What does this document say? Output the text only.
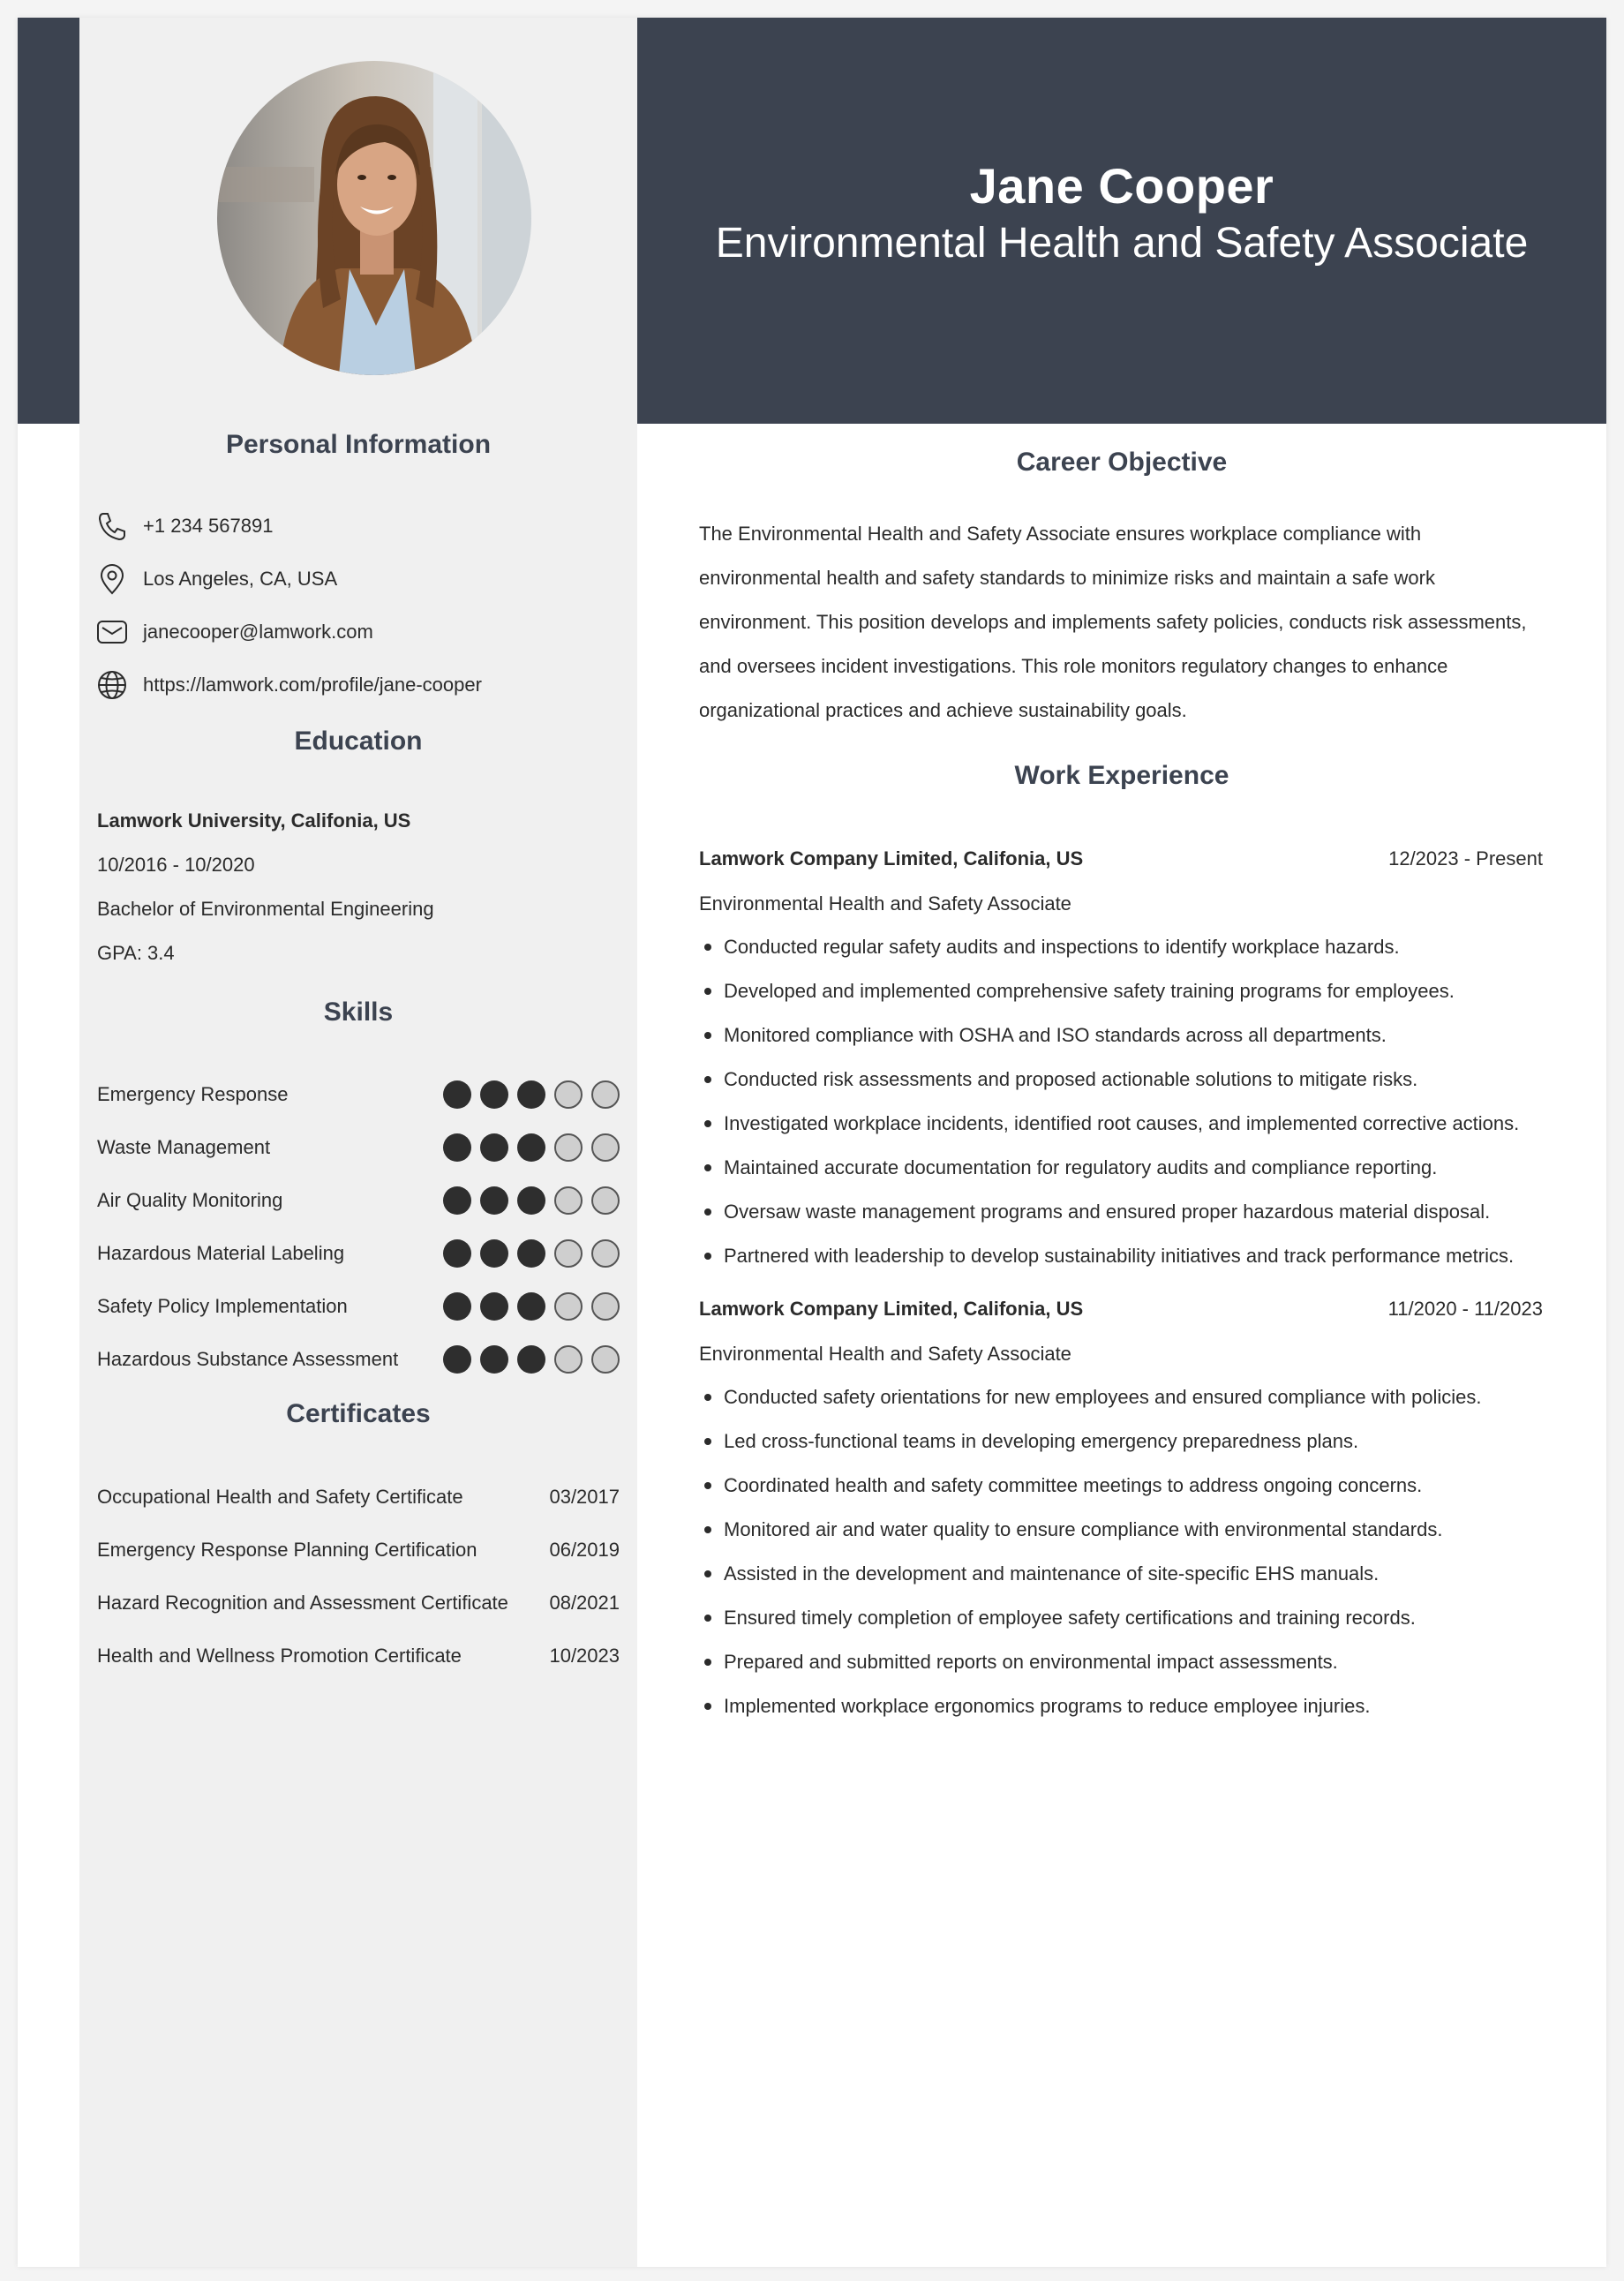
Personal Information
+1 234 567891
Los Angeles, CA, USA
janecooper@lamwork.com
https://lamwork.com/profile/jane-cooper
Education
Lamwork University, Califonia, US
10/2016 - 10/2020
Bachelor of Environmental Engineering
GPA: 3.4
Skills
Emergency Response
Waste Management
Air Quality Monitoring
Hazardous Material Labeling
Safety Policy Implementation
Hazardous Substance Assessment
Certificates
Occupational Health and Safety Certificate	03/2017
Emergency Response Planning Certification	06/2019
Hazard Recognition and Assessment Certificate 08/2021
Health and Wellness Promotion Certificate	10/2023
Jane Cooper
Environmental Health and Safety Associate
Career Objective
The Environmental Health and Safety Associate ensures workplace compliance with environmental health and safety standards to minimize risks and maintain a safe work environment. This position develops and implements safety policies, conducts risk assessments, and oversees incident investigations. This role monitors regulatory changes to enhance organizational practices and achieve sustainability goals.
Work Experience
Lamwork Company Limited, Califonia, US	12/2023 - Present
Environmental Health and Safety Associate
Conducted regular safety audits and inspections to identify workplace hazards.
Developed and implemented comprehensive safety training programs for employees.
Monitored compliance with OSHA and ISO standards across all departments.
Conducted risk assessments and proposed actionable solutions to mitigate risks.
Investigated workplace incidents, identified root causes, and implemented corrective actions.
Maintained accurate documentation for regulatory audits and compliance reporting.
Oversaw waste management programs and ensured proper hazardous material disposal.
Partnered with leadership to develop sustainability initiatives and track performance metrics.
Lamwork Company Limited, Califonia, US	11/2020 - 11/2023
Environmental Health and Safety Associate
Conducted safety orientations for new employees and ensured compliance with policies.
Led cross-functional teams in developing emergency preparedness plans.
Coordinated health and safety committee meetings to address ongoing concerns.
Monitored air and water quality to ensure compliance with environmental standards.
Assisted in the development and maintenance of site-specific EHS manuals.
Ensured timely completion of employee safety certifications and training records.
Prepared and submitted reports on environmental impact assessments.
Implemented workplace ergonomics programs to reduce employee injuries.
